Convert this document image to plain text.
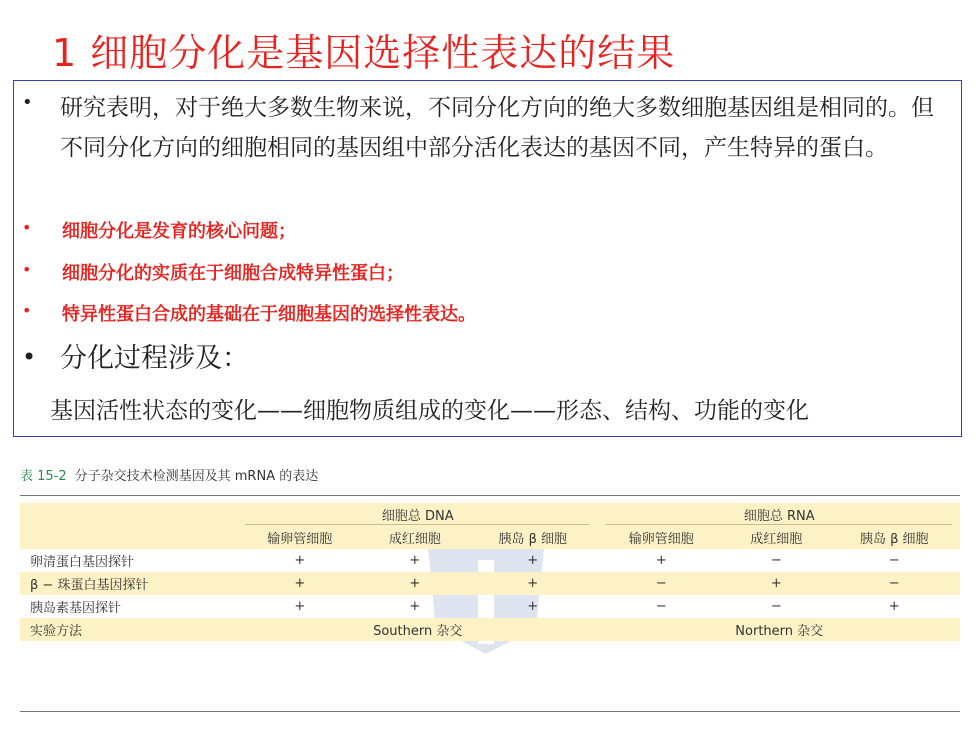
1 细胞分化是基因选择性表达的结果
• 研究表明，对于绝大多数生物来说，不同分化方向的绝大多数细胞基因组是相同的。但不同分化方向的细胞相同的基因组中部分活化表达的基因不同，产生特异的蛋白。
• 细胞分化是发育的核心问题；
• 细胞分化的实质在于细胞合成特异性蛋白；
• 特异性蛋白合成的基础在于细胞基因的选择性表达。
• 分化过程涉及：
基因活性状态的变化——细胞物质组成的变化——形态、结构、功能的变化
表 15-2 分子杂交技术检测基因及其 mRNA 的表达
	细胞总 DNA			细胞总 RNA		

	输卵管细胞	成红细胞	胰岛 β 细胞	输卵管细胞	成红细胞	胰岛 β 细胞
卵清蛋白基因探针	+	+	+	+	−	−
β − 珠蛋白基因探针	+	+	+	−	+	−
胰岛素基因探针	+	+	+	−	−	+
实验方法	Southern 杂交			Northern 杂交		
